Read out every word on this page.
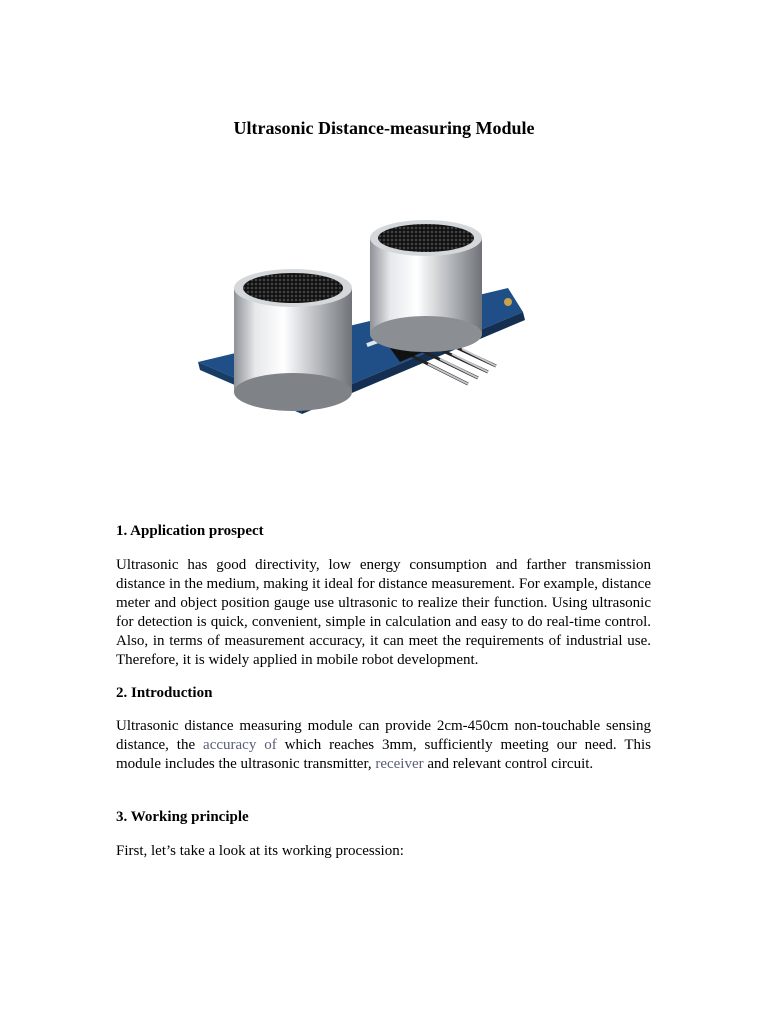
Ultrasonic Distance-measuring Module
1. Application prospect

Ultrasonic has good directivity, low energy consumption and farther transmission distance in the medium, making it ideal for distance measurement. For example, distance meter and object position gauge use ultrasonic to realize their function. Using ultrasonic for detection is quick, convenient, simple in calculation and easy to do real-time control. Also, in terms of measurement accuracy, it can meet the requirements of industrial use. Therefore, it is widely applied in mobile robot development.

2. Introduction

Ultrasonic distance measuring module can provide 2cm-450cm non-touchable sensing distance, the accuracy of which reaches 3mm, sufficiently meeting our need. This module includes the ultrasonic transmitter, receiver and relevant control circuit.

3. Working principle

First, let’s take a look at its working procession:
